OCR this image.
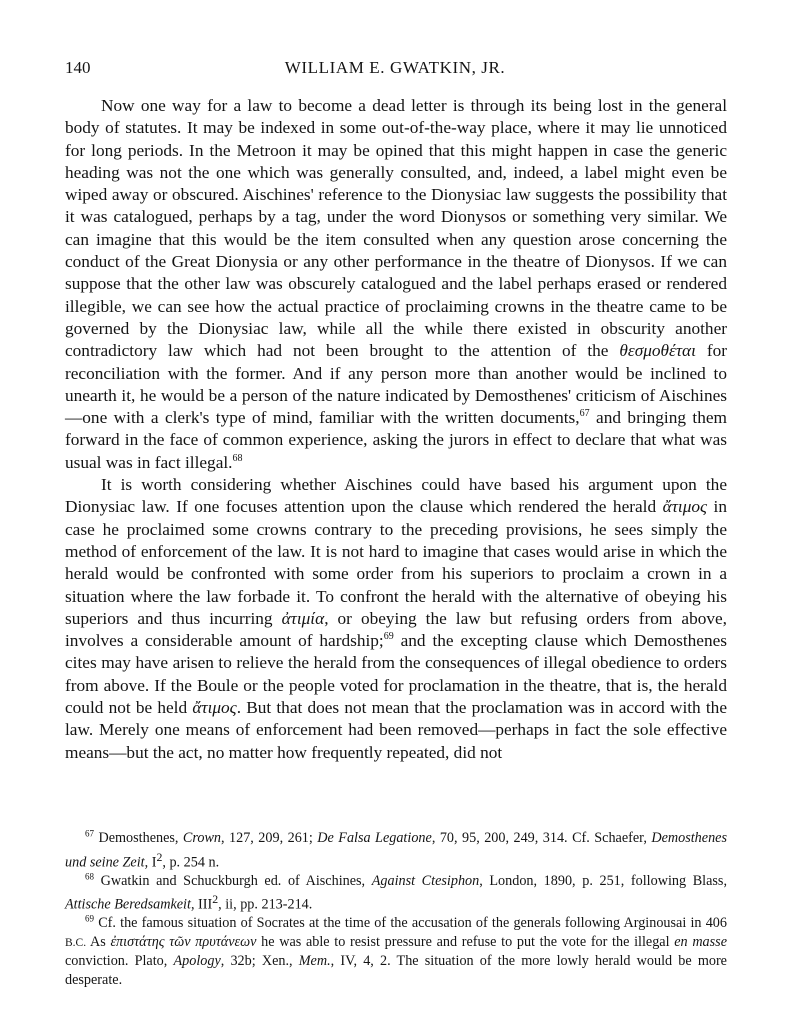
140	WILLIAM E. GWATKIN, JR.

Now one way for a law to become a dead letter is through its being lost in the general body of statutes. It may be indexed in some out-of-the-way place, where it may lie unnoticed for long periods. In the Metroon it may be opined that this might happen in case the generic heading was not the one which was generally consulted, and, indeed, a label might even be wiped away or obscured. Aischines' reference to the Dionysiac law suggests the possibility that it was catalogued, perhaps by a tag, under the word Dionysos or something very similar. We can imagine that this would be the item consulted when any question arose concerning the conduct of the Great Dionysia or any other performance in the theatre of Dionysos. If we can suppose that the other law was obscurely catalogued and the label perhaps erased or rendered illegible, we can see how the actual practice of proclaiming crowns in the theatre came to be governed by the Dionysiac law, while all the while there existed in obscurity another contradictory law which had not been brought to the attention of the θεσμοθέται for reconciliation with the former. And if any person more than another would be inclined to unearth it, he would be a person of the nature indicated by Demosthenes' criticism of Aischines—one with a clerk's type of mind, familiar with the written documents,$^{67}$ and bringing them forward in the face of common experience, asking the jurors in effect to declare that what was usual was in fact illegal.$^{68}$

It is worth considering whether Aischines could have based his argument upon the Dionysiac law. If one focuses attention upon the clause which rendered the herald ἄτιμος in case he proclaimed some crowns contrary to the preceding provisions, he sees simply the method of enforcement of the law. It is not hard to imagine that cases would arise in which the herald would be confronted with some order from his superiors to proclaim a crown in a situation where the law forbade it. To confront the herald with the alternative of obeying his superiors and thus incurring ἀτιμία, or obeying the law but refusing orders from above, involves a considerable amount of hardship;$^{69}$ and the excepting clause which Demosthenes cites may have arisen to relieve the herald from the consequences of illegal obedience to orders from above. If the Boule or the people voted for proclamation in the theatre, that is, the herald could not be held ἄτιμος. But that does not mean that the proclamation was in accord with the law. Merely one means of enforcement had been removed—perhaps in fact the sole effective means—but the act, no matter how frequently repeated, did not

$^{67}$ Demosthenes, Crown, 127, 209, 261; De Falsa Legatione, 70, 95, 200, 249, 314. Cf. Schaefer, Demosthenes und seine Zeit, $I^2$, p. 254 n.

$^{68}$ Gwatkin and Schuckburgh ed. of Aischines, Against Ctesiphon, London, 1890, p. 251, following Blass, Attische Beredsamkeit, III$^2$, ii, pp. 213-214.

$^{69}$ Cf. the famous situation of Socrates at the time of the accusation of the generals following Arginousai in 406 B.C. As ἐπιστάτης τῶν πρυτάνεων he was able to resist pressure and refuse to put the vote for the illegal en masse conviction. Plato, Apology, 32b; Xen., Mem., IV, 4, 2. The situation of the more lowly herald would be more desperate.
